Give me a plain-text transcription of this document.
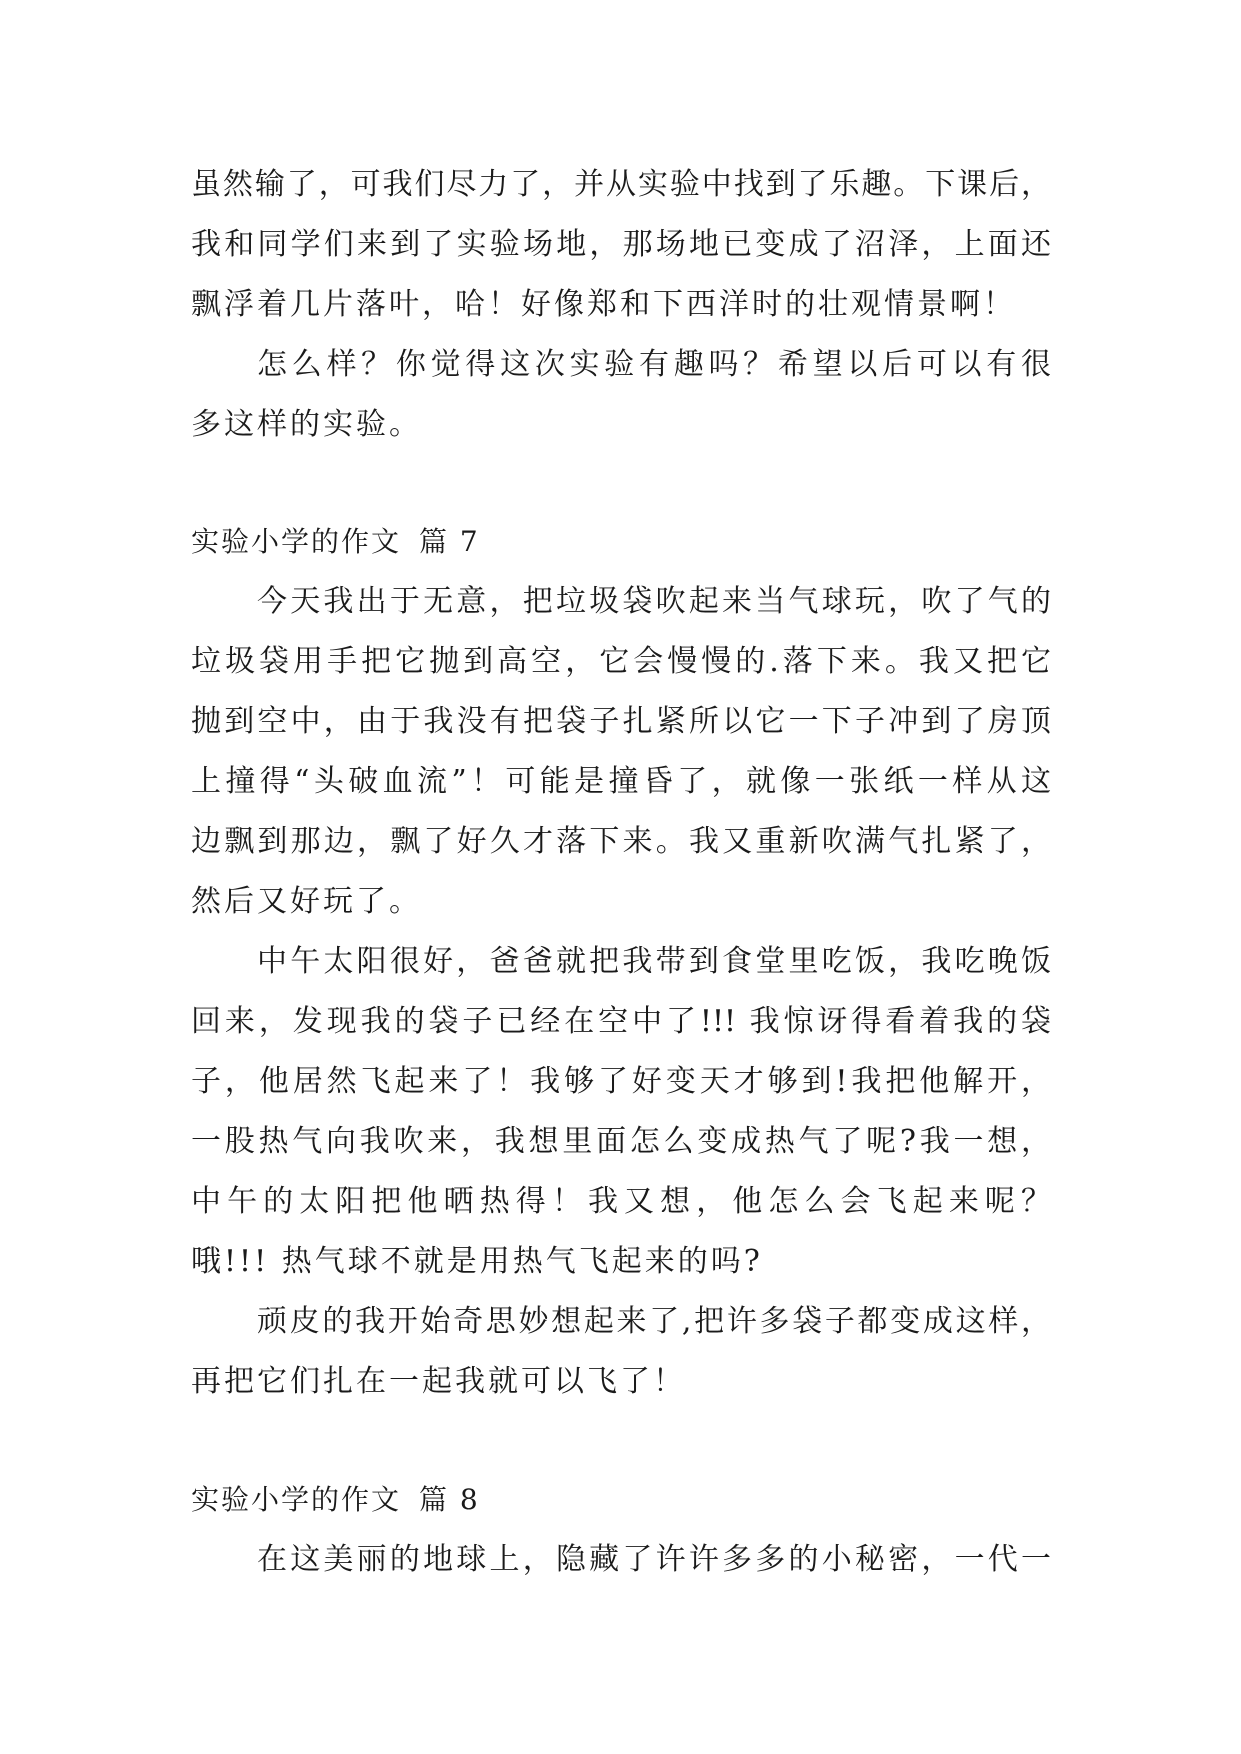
虽然输了，可我们尽力了，并从实验中找到了乐趣。下课后，
我和同学们来到了实验场地，那场地已变成了沼泽，上面还
飘浮着几片落叶，哈！好像郑和下西洋时的壮观情景啊！
怎么样？你觉得这次实验有趣吗？希望以后可以有很
多这样的实验。
实验小学的作文 篇 7
今天我出于无意，把垃圾袋吹起来当气球玩，吹了气的
垃圾袋用手把它抛到高空，它会慢慢的.落下来。我又把它
抛到空中，由于我没有把袋子扎紧所以它一下子冲到了房顶
上撞得“头破血流”！可能是撞昏了，就像一张纸一样从这
边飘到那边，飘了好久才落下来。我又重新吹满气扎紧了，
然后又好玩了。
中午太阳很好，爸爸就把我带到食堂里吃饭，我吃晚饭
回来，发现我的袋子已经在空中了!!! 我惊讶得看着我的袋
子，他居然飞起来了！我够了好变天才够到!我把他解开，
一股热气向我吹来，我想里面怎么变成热气了呢?我一想，
中午的太阳把他晒热得！我又想，他怎么会飞起来呢？
哦!!! 热气球不就是用热气飞起来的吗?
顽皮的我开始奇思妙想起来了,把许多袋子都变成这样，
再把它们扎在一起我就可以飞了！
实验小学的作文 篇 8
在这美丽的地球上，隐藏了许许多多的小秘密，一代一
